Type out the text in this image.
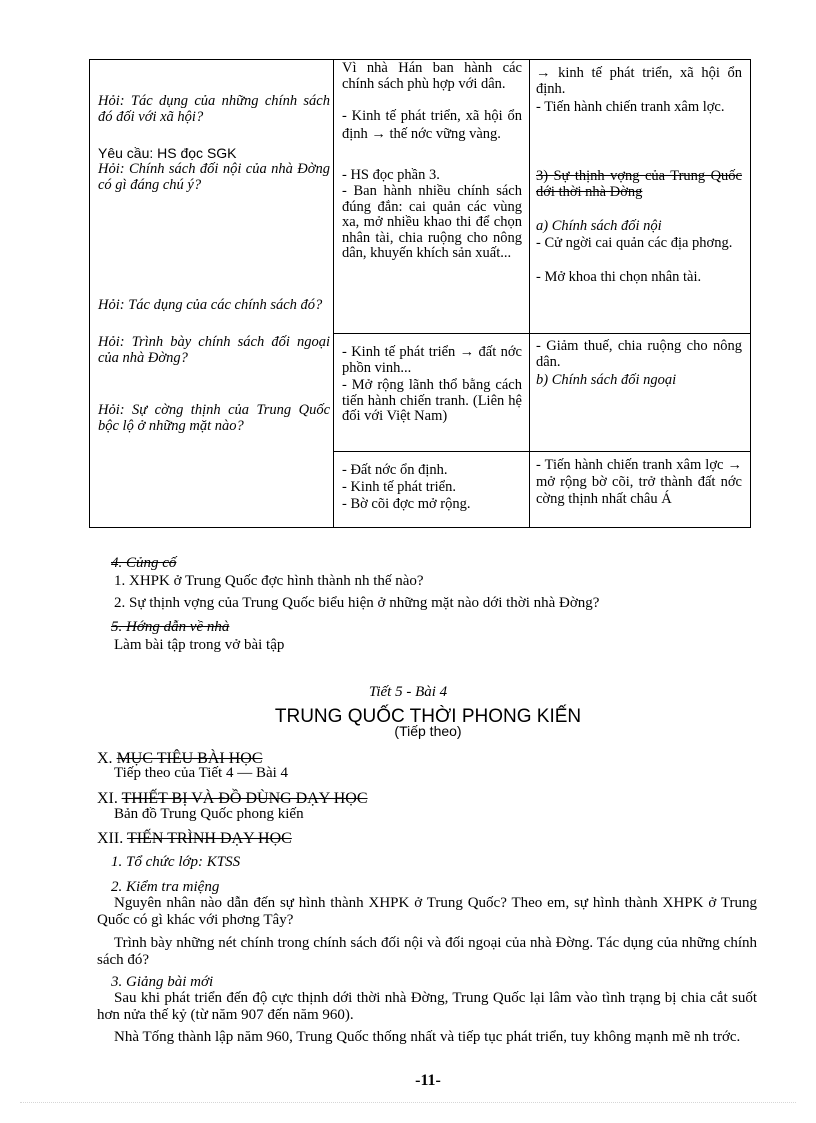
Hỏi: Tác dụng của những chính sách đó đối với xã hội?
Yêu cầu: HS đọc SGK
Hỏi: Chính sách đối nội của nhà Đờng có gì đáng chú ý?
Hỏi: Tác dụng của các chính sách đó?
Hỏi: Trình bày chính sách đối ngoại của nhà Đờng?
Hỏi: Sự cờng thịnh của Trung Quốc bộc lộ ở những mặt nào?
Vì nhà Hán ban hành các chính sách phù hợp với dân.
- Kinh tế phát triển, xã hội ổn định → thế nớc vững vàng.
- HS đọc phần 3.
- Ban hành nhiều chính sách đúng đắn: cai quản các vùng xa, mở nhiều khao thi để chọn nhân tài, chia ruộng cho nông dân, khuyến khích sản xuất...
- Kinh tế phát triển → đất nớc phồn vinh...
- Mở rộng lãnh thổ bằng cách tiến hành chiến tranh. (Liên hệ đối với Việt Nam)
- Đất nớc ổn định.
- Kinh tế phát triển.
- Bờ cõi đợc mở rộng.
→ kinh tế phát triển, xã hội ổn định.
- Tiến hành chiến tranh xâm lợc.
3) Sự thịnh vợng của Trung Quốc dới thời nhà Đờng
a) Chính sách đối nội
- Cử ngời cai quản các địa phơng.
- Mở khoa thi chọn nhân tài.
- Giảm thuế, chia ruộng cho nông dân.
b) Chính sách đối ngoại
- Tiến hành chiến tranh xâm lợc → mở rộng bờ cõi, trở thành đất nớc cờng thịnh nhất châu Á
4. Củng cố
1. XHPK ở Trung Quốc đợc hình thành nh thế nào?
2. Sự thịnh vợng của Trung Quốc biểu hiện ở những mặt nào dới thời nhà Đờng?
5. Hớng dẫn về nhà
Làm bài tập trong vở bài tập
Tiết 5 - Bài 4
TRUNG QUỐC THỜI PHONG KIẾN
(Tiếp theo)
X. MỤC TIÊU BÀI HỌC
Tiếp theo của Tiết 4 — Bài 4
XI. THIẾT BỊ VÀ ĐỒ DÙNG DẠY HỌC
Bản đồ Trung Quốc phong kiến
XII. TIẾN TRÌNH DẠY HỌC
1. Tổ chức lớp: KTSS
2. Kiểm tra miệng
Nguyên nhân nào dẫn đến sự hình thành XHPK ở Trung Quốc? Theo em, sự hình thành XHPK ở Trung Quốc có gì khác với phơng Tây?
Trình bày những nét chính trong chính sách đối nội và đối ngoại của nhà Đờng. Tác dụng của những chính sách đó?
3. Giảng bài mới
Sau khi phát triển đến độ cực thịnh dới thời nhà Đờng, Trung Quốc lại lâm vào tình trạng bị chia cắt suốt hơn nửa thế kỷ (từ năm 907 đến năm 960).
Nhà Tống thành lập năm 960, Trung Quốc thống nhất và tiếp tục phát triển, tuy không mạnh mẽ nh trớc.
-11-
